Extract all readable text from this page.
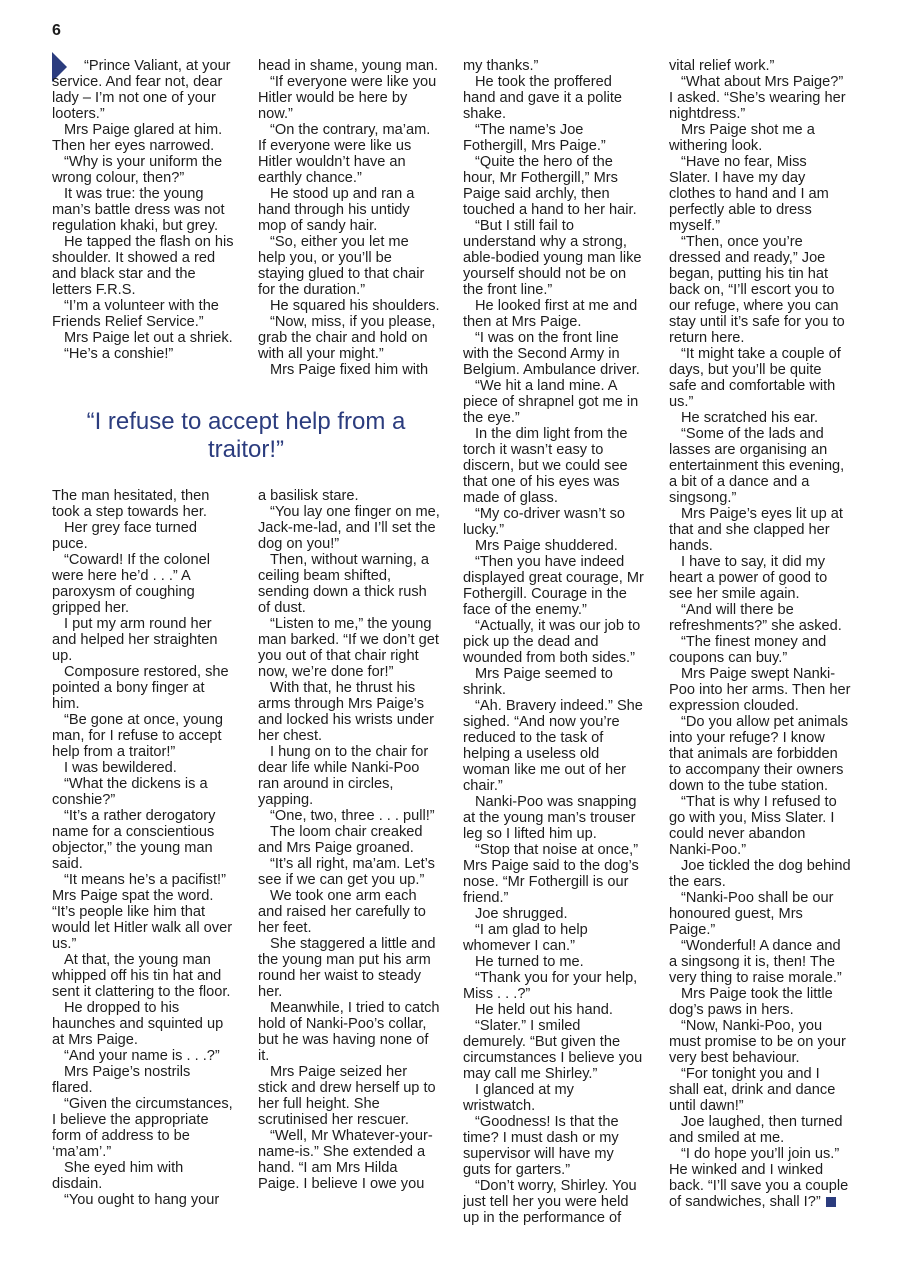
6

“Prince Valiant, at your service. And fear not, dear lady – I’m not one of your looters.”

Mrs Paige glared at him. Then her eyes narrowed.

“Why is your uniform the wrong colour, then?”

It was true: the young man’s battle dress was not regulation khaki, but grey.

He tapped the flash on his shoulder. It showed a red and black star and the letters F.R.S.

“I’m a volunteer with the Friends Relief Service.”

Mrs Paige let out a shriek.

“He’s a conshie!”

head in shame, young man.

“If everyone were like you Hitler would be here by now.”

“On the contrary, ma’am. If everyone were like us Hitler wouldn’t have an earthly chance.”

He stood up and ran a hand through his untidy mop of sandy hair.

“So, either you let me help you, or you’ll be staying glued to that chair for the duration.”

He squared his shoulders.

“Now, miss, if you please, grab the chair and hold on with all your might.”

Mrs Paige fixed him with

my thanks.”

He took the proffered hand and gave it a polite shake.

“The name’s Joe Fothergill, Mrs Paige.”

“Quite the hero of the hour, Mr Fothergill,” Mrs Paige said archly, then touched a hand to her hair.

“But I still fail to understand why a strong, able-bodied young man like yourself should not be on the front line.”

He looked first at me and then at Mrs Paige.

“I was on the front line with the Second Army in Belgium. Ambulance driver.

“We hit a land mine. A piece of shrapnel got me in the eye.”

In the dim light from the torch it wasn’t easy to discern, but we could see that one of his eyes was made of glass.

“My co-driver wasn’t so lucky.”

Mrs Paige shuddered.

“Then you have indeed displayed great courage, Mr Fothergill. Courage in the face of the enemy.”

“Actually, it was our job to pick up the dead and wounded from both sides.”

Mrs Paige seemed to shrink.

“Ah. Bravery indeed.” She sighed. “And now you’re reduced to the task of helping a useless old woman like me out of her chair.”

Nanki-Poo was snapping at the young man’s trouser leg so I lifted him up.

“Stop that noise at once,” Mrs Paige said to the dog’s nose. “Mr Fothergill is our friend.”

Joe shrugged.

“I am glad to help whomever I can.”

He turned to me.

“Thank you for your help, Miss . . .?”

He held out his hand.

“Slater.” I smiled demurely. “But given the circumstances I believe you may call me Shirley.”

I glanced at my wristwatch.

“Goodness! Is that the time? I must dash or my supervisor will have my guts for garters.”

“Don’t worry, Shirley. You just tell her you were held up in the performance of

vital relief work.”

“What about Mrs Paige?” I asked. “She’s wearing her nightdress.”

Mrs Paige shot me a withering look.

“Have no fear, Miss Slater. I have my day clothes to hand and I am perfectly able to dress myself.”

“Then, once you’re dressed and ready,” Joe began, putting his tin hat back on, “I’ll escort you to our refuge, where you can stay until it’s safe for you to return here.

“It might take a couple of days, but you’ll be quite safe and comfortable with us.”

He scratched his ear.

“Some of the lads and lasses are organising an entertainment this evening, a bit of a dance and a singsong.”

Mrs Paige’s eyes lit up at that and she clapped her hands.

I have to say, it did my heart a power of good to see her smile again.

“And will there be refreshments?” she asked.

“The finest money and coupons can buy.”

Mrs Paige swept Nanki-Poo into her arms. Then her expression clouded.

“Do you allow pet animals into your refuge? I know that animals are forbidden to accompany their owners down to the tube station.

“That is why I refused to go with you, Miss Slater. I could never abandon Nanki-Poo.”

Joe tickled the dog behind the ears.

“Nanki-Poo shall be our honoured guest, Mrs Paige.”

“Wonderful! A dance and a singsong it is, then! The very thing to raise morale.”

Mrs Paige took the little dog’s paws in hers.

“Now, Nanki-Poo, you must promise to be on your very best behaviour.

“For tonight you and I shall eat, drink and dance until dawn!”

Joe laughed, then turned and smiled at me.

“I do hope you’ll join us.” He winked and I winked back. “I’ll save you a couple of sandwiches, shall I?”

The man hesitated, then took a step towards her.

Her grey face turned puce.

“Coward! If the colonel were here he’d . . .” A paroxysm of coughing gripped her.

I put my arm round her and helped her straighten up.

Composure restored, she pointed a bony finger at him.

“Be gone at once, young man, for I refuse to accept help from a traitor!”

I was bewildered.

“What the dickens is a conshie?”

“It’s a rather derogatory name for a conscientious objector,” the young man said.

“It means he’s a pacifist!” Mrs Paige spat the word. “It’s people like him that would let Hitler walk all over us.”

At that, the young man whipped off his tin hat and sent it clattering to the floor.

He dropped to his haunches and squinted up at Mrs Paige.

“And your name is . . .?”

Mrs Paige’s nostrils flared.

“Given the circumstances, I believe the appropriate form of address to be ‘ma’am’.”

She eyed him with disdain.

“You ought to hang your

a basilisk stare.

“You lay one finger on me, Jack-me-lad, and I’ll set the dog on you!”

Then, without warning, a ceiling beam shifted, sending down a thick rush of dust.

“Listen to me,” the young man barked. “If we don’t get you out of that chair right now, we’re done for!”

With that, he thrust his arms through Mrs Paige’s and locked his wrists under her chest.

I hung on to the chair for dear life while Nanki-Poo ran around in circles, yapping.

“One, two, three . . . pull!”

The loom chair creaked and Mrs Paige groaned.

“It’s all right, ma’am. Let’s see if we can get you up.”

We took one arm each and raised her carefully to her feet.

She staggered a little and the young man put his arm round her waist to steady her.

Meanwhile, I tried to catch hold of Nanki-Poo’s collar, but he was having none of it.

Mrs Paige seized her stick and drew herself up to her full height. She scrutinised her rescuer.

“Well, Mr Whatever-your-name-is.” She extended a hand. “I am Mrs Hilda Paige. I believe I owe you

“I refuse to accept help from a traitor!”
